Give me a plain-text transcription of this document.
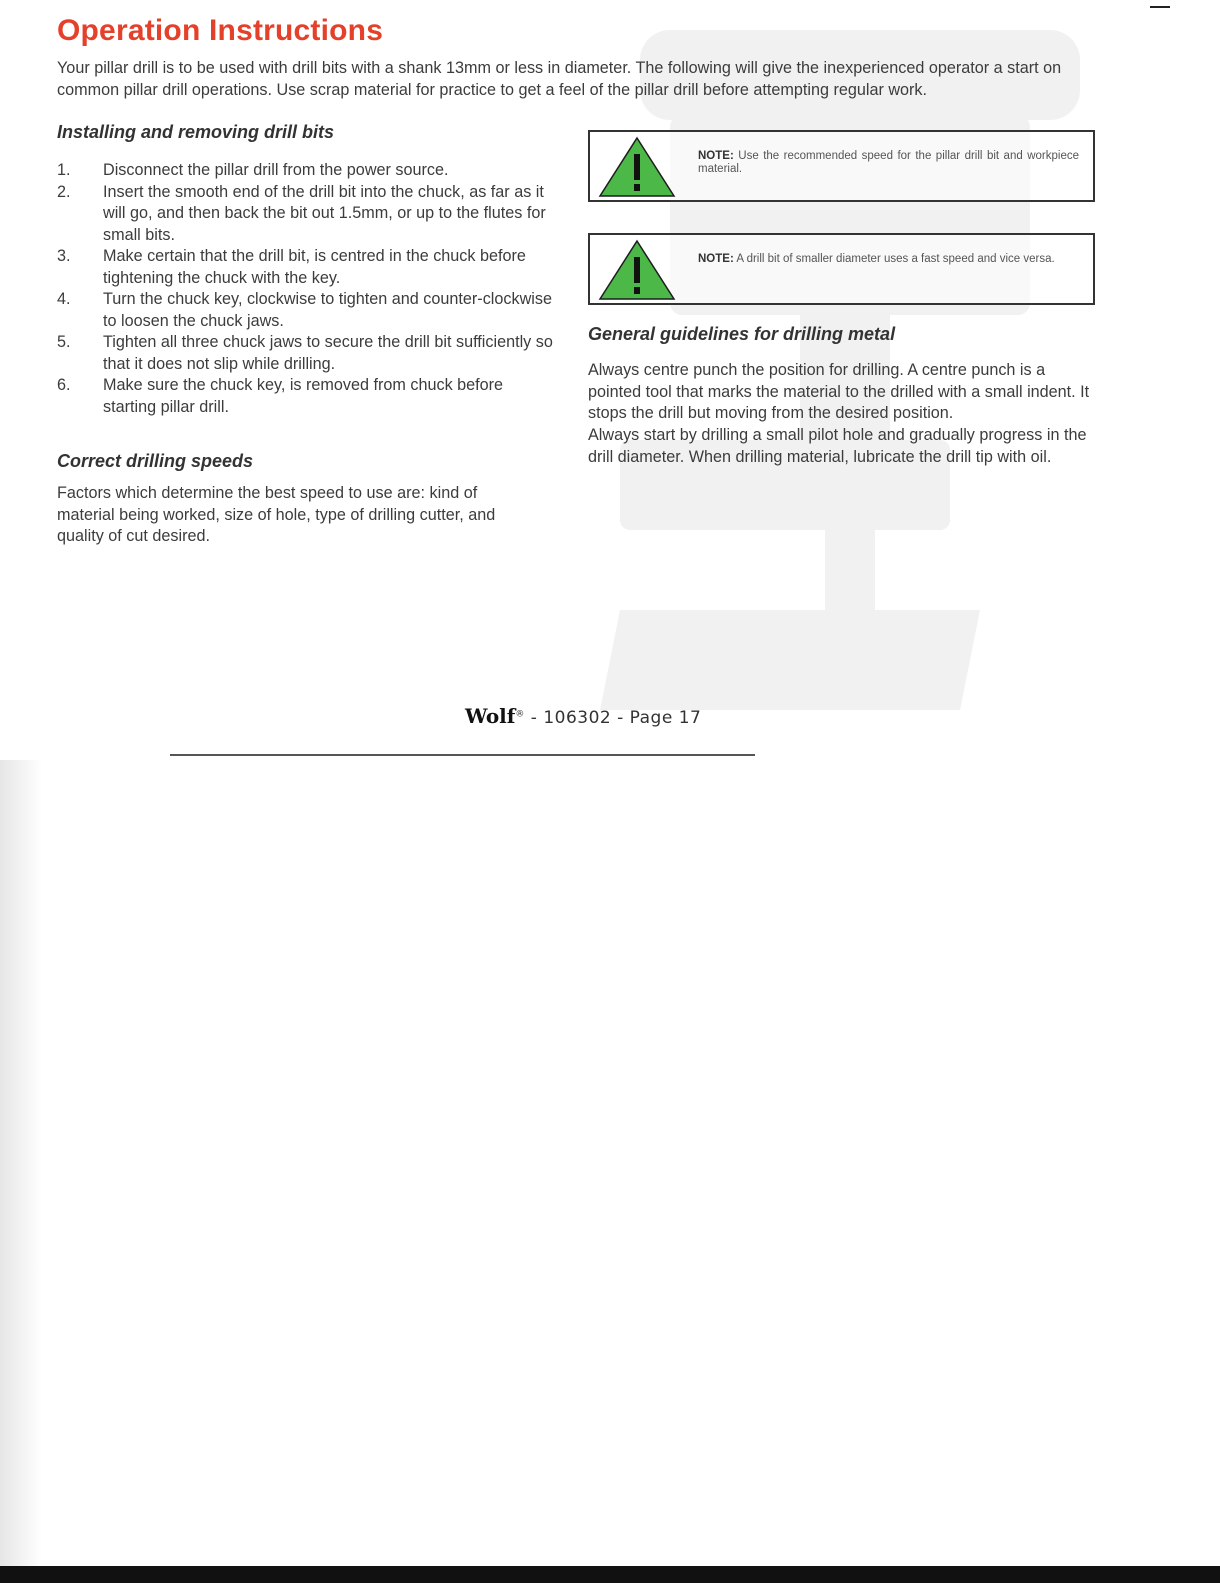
Operation Instructions
Your pillar drill is to be used with drill bits with a shank 13mm or less in diameter. The following will give the inexperienced operator a start on common pillar drill operations. Use scrap material for practice to get a feel of the pillar drill before attempting regular work.
Installing and removing drill bits
1. Disconnect the pillar drill from the power source.
2. Insert the smooth end of the drill bit into the chuck, as far as it will go, and then back the bit out 1.5mm, or up to the flutes for small bits.
3. Make certain that the drill bit, is centred in the chuck before tightening the chuck with the key.
4. Turn the chuck key, clockwise to tighten and counter-clockwise to loosen the chuck jaws.
5. Tighten all three chuck jaws to secure the drill bit sufficiently so that it does not slip while drilling.
6. Make sure the chuck key, is removed from chuck before starting pillar drill.
Correct drilling speeds
Factors which determine the best speed to use are: kind of material being worked, size of hole, type of drilling cutter, and quality of cut desired.
NOTE: Use the recommended speed for the pillar drill bit and workpiece material.
NOTE: A drill bit of smaller diameter uses a fast speed and vice versa.
General guidelines for drilling metal
Always centre punch the position for drilling. A centre punch is a pointed tool that marks the material to the drilled with a small indent. It stops the drill but moving from the desired position.
Always start by drilling a small pilot hole and gradually progress in the drill diameter. When drilling material, lubricate the drill tip with oil.
Wolf® - 106302 - Page 17
